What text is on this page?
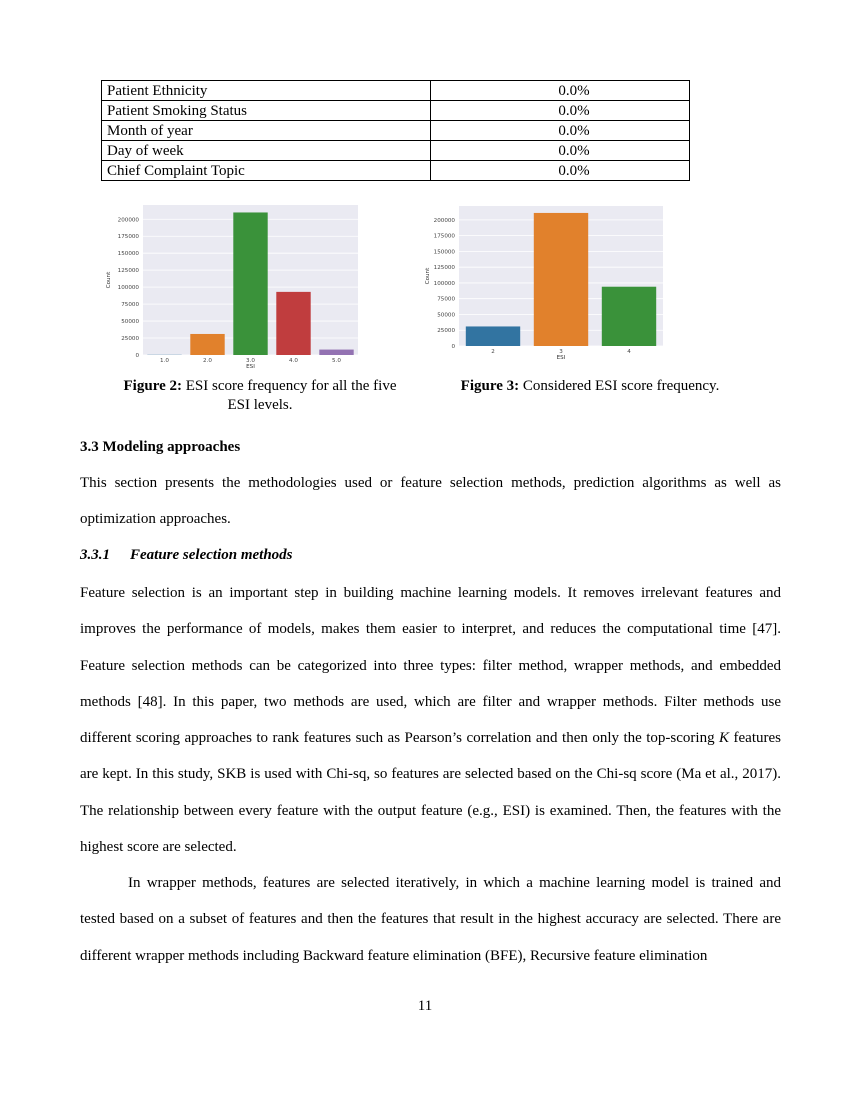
Patient Ethnicity	0.0%
Patient Smoking Status	0.0%
Month of year	0.0%
Day of week	0.0%
Chief Complaint Topic	0.0%
0
25000
50000
75000
100000
125000
150000
175000
200000
1.0	2.0	3.0	4.0	5.0
ESI
Count
0
25000
50000
75000
100000
125000
150000
175000
200000
2	3	4
ESI
Count
Figure 2: ESI score frequency for all the five
ESI levels.
Figure 3: Considered ESI score frequency.
3.3 Modeling approaches
This section presents the methodologies used or feature selection methods, prediction algorithms as well as optimization approaches.
3.3.1 Feature selection methods
Feature selection is an important step in building machine learning models. It removes irrelevant features and improves the performance of models, makes them easier to interpret, and reduces the computational time [47]. Feature selection methods can be categorized into three types: filter method, wrapper methods, and embedded methods [48]. In this paper, two methods are used, which are filter and wrapper methods. Filter methods use different scoring approaches to rank features such as Pearson’s correlation and then only the top-scoring K features are kept. In this study, SKB is used with Chi-sq, so features are selected based on the Chi-sq score (Ma et al., 2017). The relationship between every feature with the output feature (e.g., ESI) is examined. Then, the features with the highest score are selected.
In wrapper methods, features are selected iteratively, in which a machine learning model is trained and tested based on a subset of features and then the features that result in the highest accuracy are selected. There are different wrapper methods including Backward feature elimination (BFE), Recursive feature elimination
11
